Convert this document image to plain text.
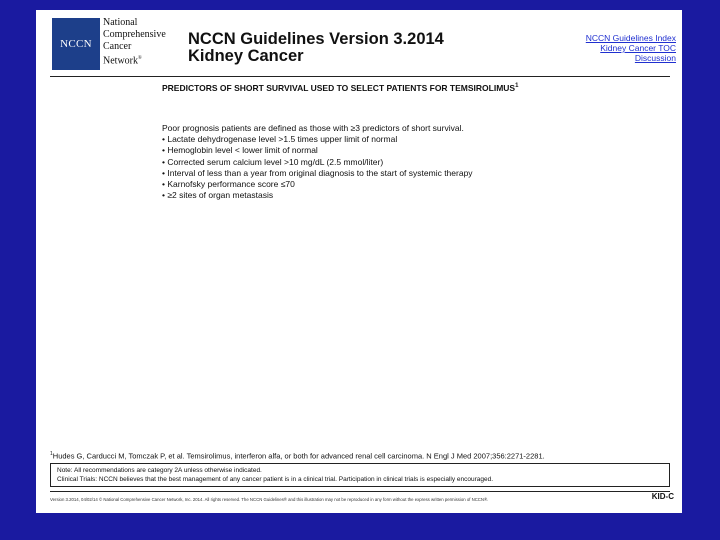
NCCN
National
Comprehensive
Cancer
Network®
NCCN Guidelines Version 3.2014
Kidney Cancer
NCCN Guidelines Index
Kidney Cancer TOC
Discussion
PREDICTORS OF SHORT SURVIVAL USED TO SELECT PATIENTS FOR TEMSIROLIMUS$^1$

Poor prognosis patients are defined as those with ≥3 predictors of short survival.

• Lactate dehydrogenase level >1.5 times upper limit of normal
• Hemoglobin level < lower limit of normal
• Corrected serum calcium level >10 mg/dL (2.5 mmol/liter)
• Interval of less than a year from original diagnosis to the start of systemic therapy
• Karnofsky performance score ≤70
• ≥2 sites of organ metastasis
$^1$Hudes G, Carducci M, Tomczak P, et al. Temsirolimus, interferon alfa, or both for advanced renal cell carcinoma. N Engl J Med 2007;356:2271-2281.
Note: All recommendations are category 2A unless otherwise indicated.
Clinical Trials: NCCN believes that the best management of any cancer patient is in a clinical trial. Participation in clinical trials is especially encouraged.
Version 3.2014, 04/02/14 © National Comprehensive Cancer Network, Inc. 2014. All rights reserved. The NCCN Guidelines® and this illustration may not be reproduced in any form without the express written permission of NCCN®.	KID-C
